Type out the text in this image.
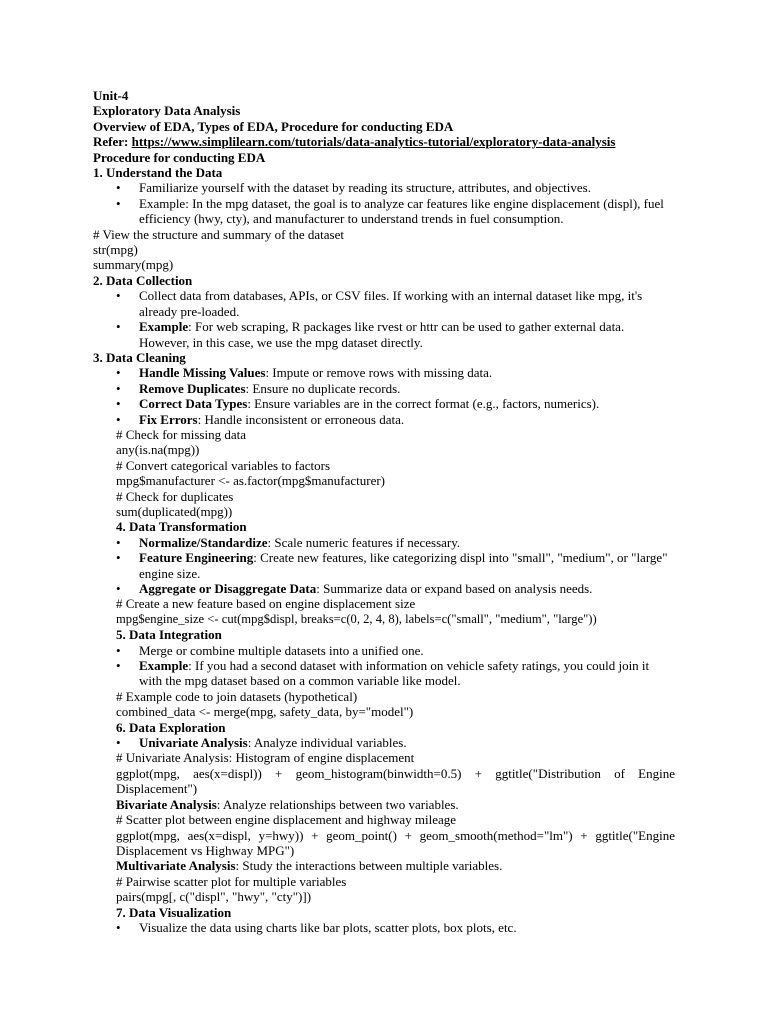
Unit-4
Exploratory Data Analysis
Overview of EDA, Types of EDA, Procedure for conducting EDA
Refer: https://www.simplilearn.com/tutorials/data-analytics-tutorial/exploratory-data-analysis
Procedure for conducting EDA
1. Understand the Data
• Familiarize yourself with the dataset by reading its structure, attributes, and objectives.
• Example: In the mpg dataset, the goal is to analyze car features like engine displacement (displ), fuel efficiency (hwy, cty), and manufacturer to understand trends in fuel consumption.
# View the structure and summary of the dataset
str(mpg)
summary(mpg)
2. Data Collection
• Collect data from databases, APIs, or CSV files. If working with an internal dataset like mpg, it's already pre-loaded.
• Example: For web scraping, R packages like rvest or httr can be used to gather external data. However, in this case, we use the mpg dataset directly.
3. Data Cleaning
• Handle Missing Values: Impute or remove rows with missing data.
• Remove Duplicates: Ensure no duplicate records.
• Correct Data Types: Ensure variables are in the correct format (e.g., factors, numerics).
• Fix Errors: Handle inconsistent or erroneous data.
# Check for missing data
any(is.na(mpg))
# Convert categorical variables to factors
mpg$manufacturer <- as.factor(mpg$manufacturer)
# Check for duplicates
sum(duplicated(mpg))
4. Data Transformation
• Normalize/Standardize: Scale numeric features if necessary.
• Feature Engineering: Create new features, like categorizing displ into "small", "medium", or "large" engine size.
• Aggregate or Disaggregate Data: Summarize data or expand based on analysis needs.
# Create a new feature based on engine displacement size
mpg$engine_size <- cut(mpg$displ, breaks=c(0, 2, 4, 8), labels=c("small", "medium", "large"))
5. Data Integration
• Merge or combine multiple datasets into a unified one.
• Example: If you had a second dataset with information on vehicle safety ratings, you could join it with the mpg dataset based on a common variable like model.
# Example code to join datasets (hypothetical)
combined_data <- merge(mpg, safety_data, by="model")
6. Data Exploration
• Univariate Analysis: Analyze individual variables.
# Univariate Analysis: Histogram of engine displacement
ggplot(mpg, aes(x=displ)) + geom_histogram(binwidth=0.5) + ggtitle("Distribution of Engine Displacement")
Bivariate Analysis: Analyze relationships between two variables.
# Scatter plot between engine displacement and highway mileage
ggplot(mpg, aes(x=displ, y=hwy)) + geom_point() + geom_smooth(method="lm") + ggtitle("Engine Displacement vs Highway MPG")
Multivariate Analysis: Study the interactions between multiple variables.
# Pairwise scatter plot for multiple variables
pairs(mpg[, c("displ", "hwy", "cty")])
7. Data Visualization
• Visualize the data using charts like bar plots, scatter plots, box plots, etc.
